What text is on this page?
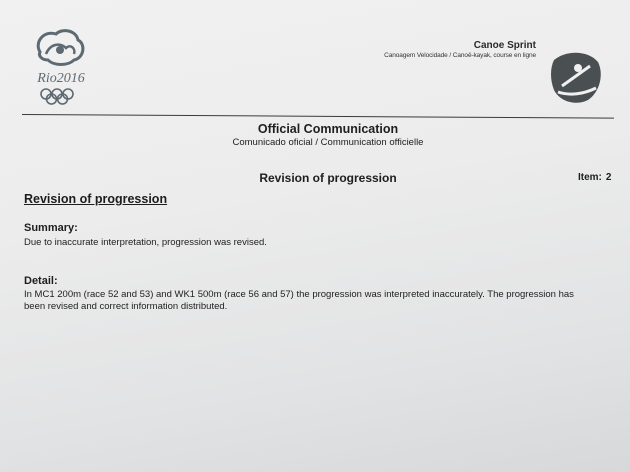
Rio2016
Canoe Sprint
Canoagem Velocidade / Canoë-kayak, course en ligne
Official Communication
Comunicado oficial / Communication officielle
Revision of progression	Item: 2
Revision of progression
Summary:
Due to inaccurate interpretation, progression was revised.
Detail:
In MC1 200m (race 52 and 53) and WK1 500m (race 56 and 57) the progression was interpreted inaccurately. The progression has been revised and correct information distributed.
